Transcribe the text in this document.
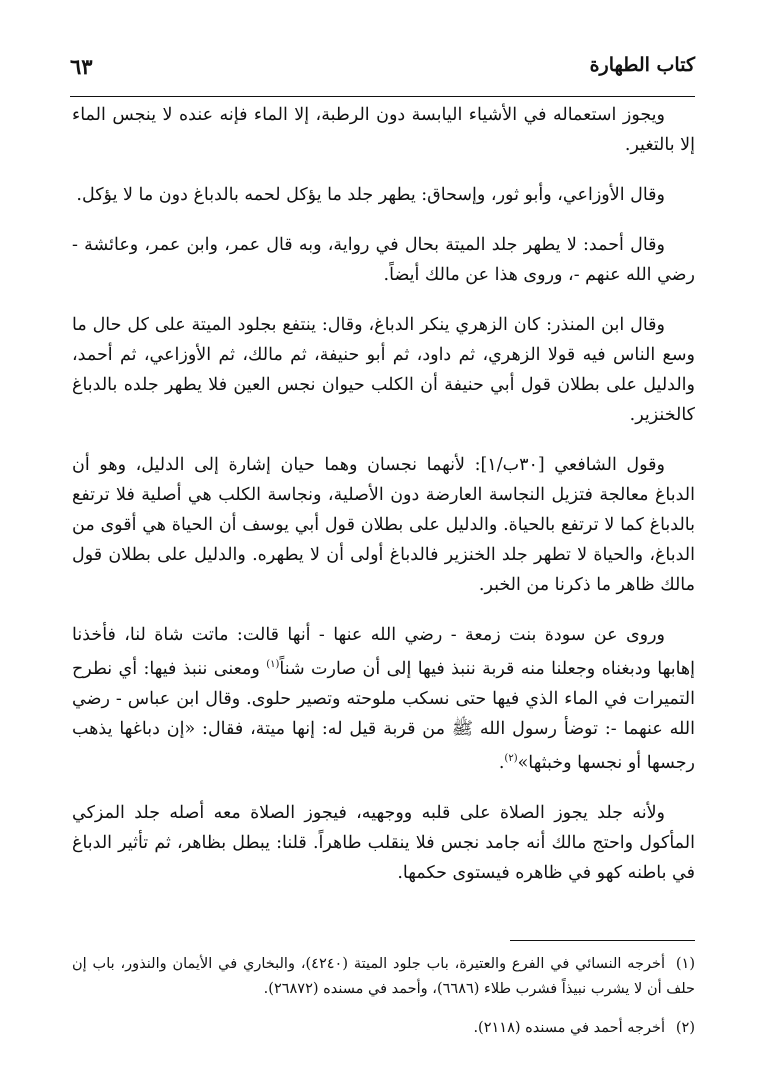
كتاب الطهارة
٦٣

ويجوز استعماله في الأشياء اليابسة دون الرطبة، إلا الماء فإنه عنده لا ينجس الماء إلا بالتغير.

وقال الأوزاعي، وأبو ثور، وإسحاق: يطهر جلد ما يؤكل لحمه بالدباغ دون ما لا يؤكل.

وقال أحمد: لا يطهر جلد الميتة بحال في رواية، وبه قال عمر، وابن عمر، وعائشة - رضي الله عنهم -، وروى هذا عن مالك أيضاً.

وقال ابن المنذر: كان الزهري ينكر الدباغ، وقال: ينتفع بجلود الميتة على كل حال ما وسع الناس فيه قولا الزهري، ثم داود، ثم أبو حنيفة، ثم مالك، ثم الأوزاعي، ثم أحمد، والدليل على بطلان قول أبي حنيفة أن الكلب حيوان نجس العين فلا يطهر جلده بالدباغ كالخنزير.

وقول الشافعي [٣٠ب/١]: لأنهما نجسان وهما حيان إشارة إلى الدليل، وهو أن الدباغ معالجة فتزيل النجاسة العارضة دون الأصلية، ونجاسة الكلب هي أصلية فلا ترتفع بالدباغ كما لا ترتفع بالحياة. والدليل على بطلان قول أبي يوسف أن الحياة هي أقوى من الدباغ، والحياة لا تطهر جلد الخنزير فالدباغ أولى أن لا يطهره. والدليل على بطلان قول مالك ظاهر ما ذكرنا من الخبر.

وروى عن سودة بنت زمعة - رضي الله عنها - أنها قالت: ماتت شاة لنا، فأخذنا إهابها ودبغناه وجعلنا منه قربة ننبذ فيها إلى أن صارت شناً$^{(١)}$ ومعنى ننبذ فيها: أي نطرح التميرات في الماء الذي فيها حتى نسكب ملوحته وتصير حلوى. وقال ابن عباس - رضي الله عنهما -: توضأ رسول الله ﷺ من قربة قيل له: إنها ميتة، فقال: «إن دباغها يذهب رجسها أو نجسها وخبثها»$^{(٢)}$.

ولأنه جلد يجوز الصلاة على قلبه ووجهيه، فيجوز الصلاة معه أصله جلد المزكي المأكول واحتج مالك أنه جامد نجس فلا ينقلب طاهراً. قلنا: يبطل بظاهر، ثم تأثير الدباغ في باطنه كهو في ظاهره فيستوى حكمها.

(١)أخرجه النسائي في الفرع والعتيرة، باب جلود الميتة (٤٢٤٠)، والبخاري في الأيمان والنذور، باب إن حلف أن لا يشرب نبيذاً فشرب طلاء (٦٦٨٦)، وأحمد في مسنده (٢٦٨٧٢).

(٢)أخرجه أحمد في مسنده (٢١١٨).
